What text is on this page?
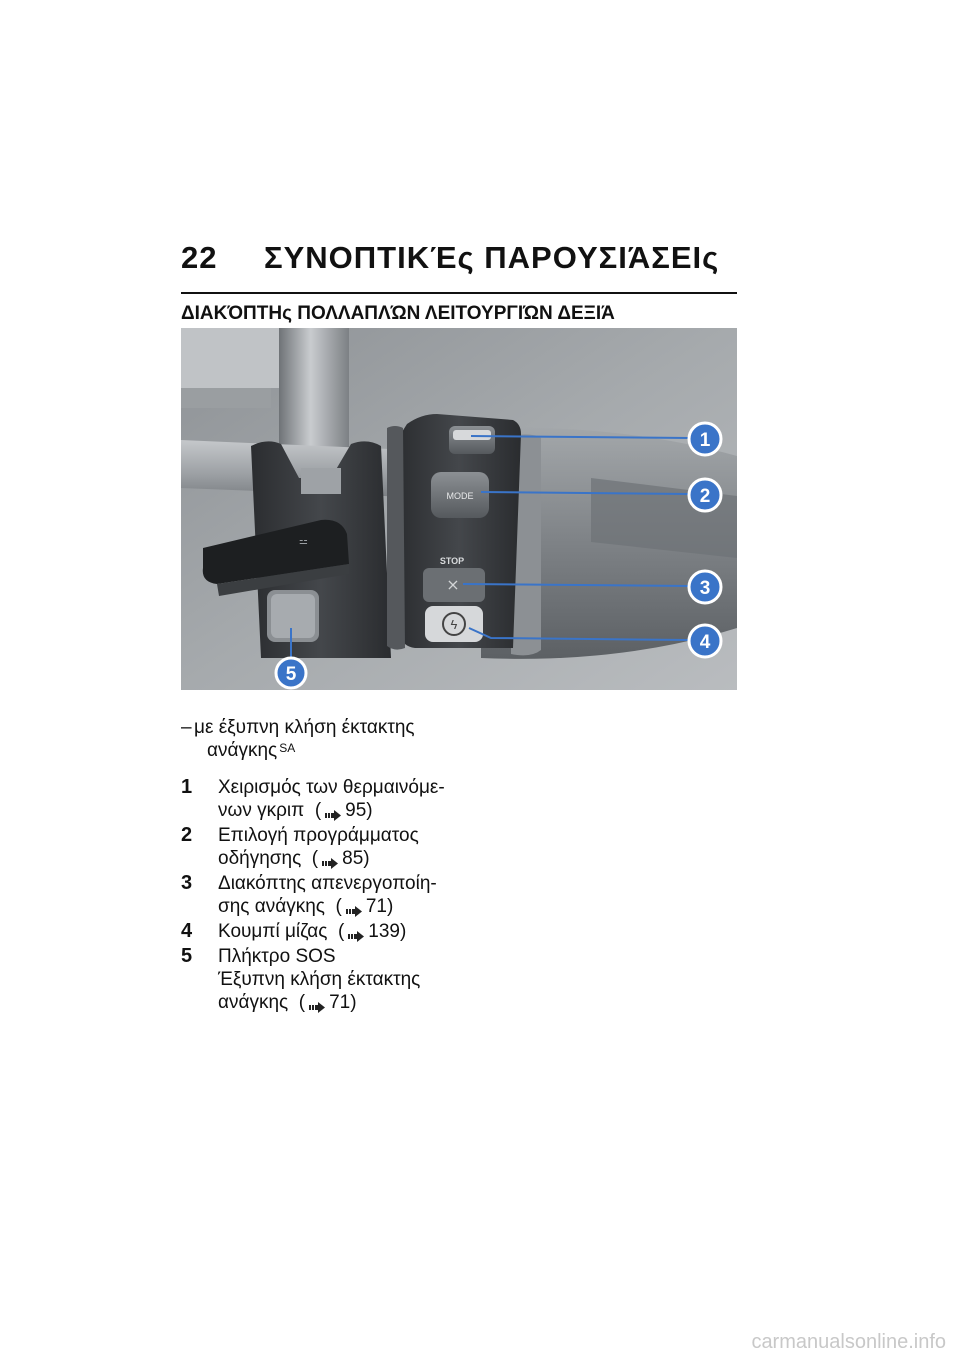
22 ΣΥΝΟΠΤΙΚΈς ΠΑΡΟΥΣΙΆΣΕΙς
ΔΙΑΚΌΠΤΗς ΠΟΛΛΑΠΛΏΝ ΛΕΙΤΟΥΡΓΙΏΝ ΔΕΞΙΆ
⚍
MODE
STOP
⨯
ϟ
1
2
3
4
5
– με έξυπνη κλήση έκτακτης
ανάγκης $^{SA}$
1 Χειρισμός των θερμαινόμε-
νων γκριπ ( 95)
2 Επιλογή προγράμματος
οδήγησης ( 85)
3 Διακόπτης απενεργοποίη-
σης ανάγκης ( 71)
4 Κουμπί μίζας ( 139)
5 Πλήκτρο SOS
Έξυπνη κλήση έκτακτης
ανάγκης ( 71)
carmanualsonline.info
